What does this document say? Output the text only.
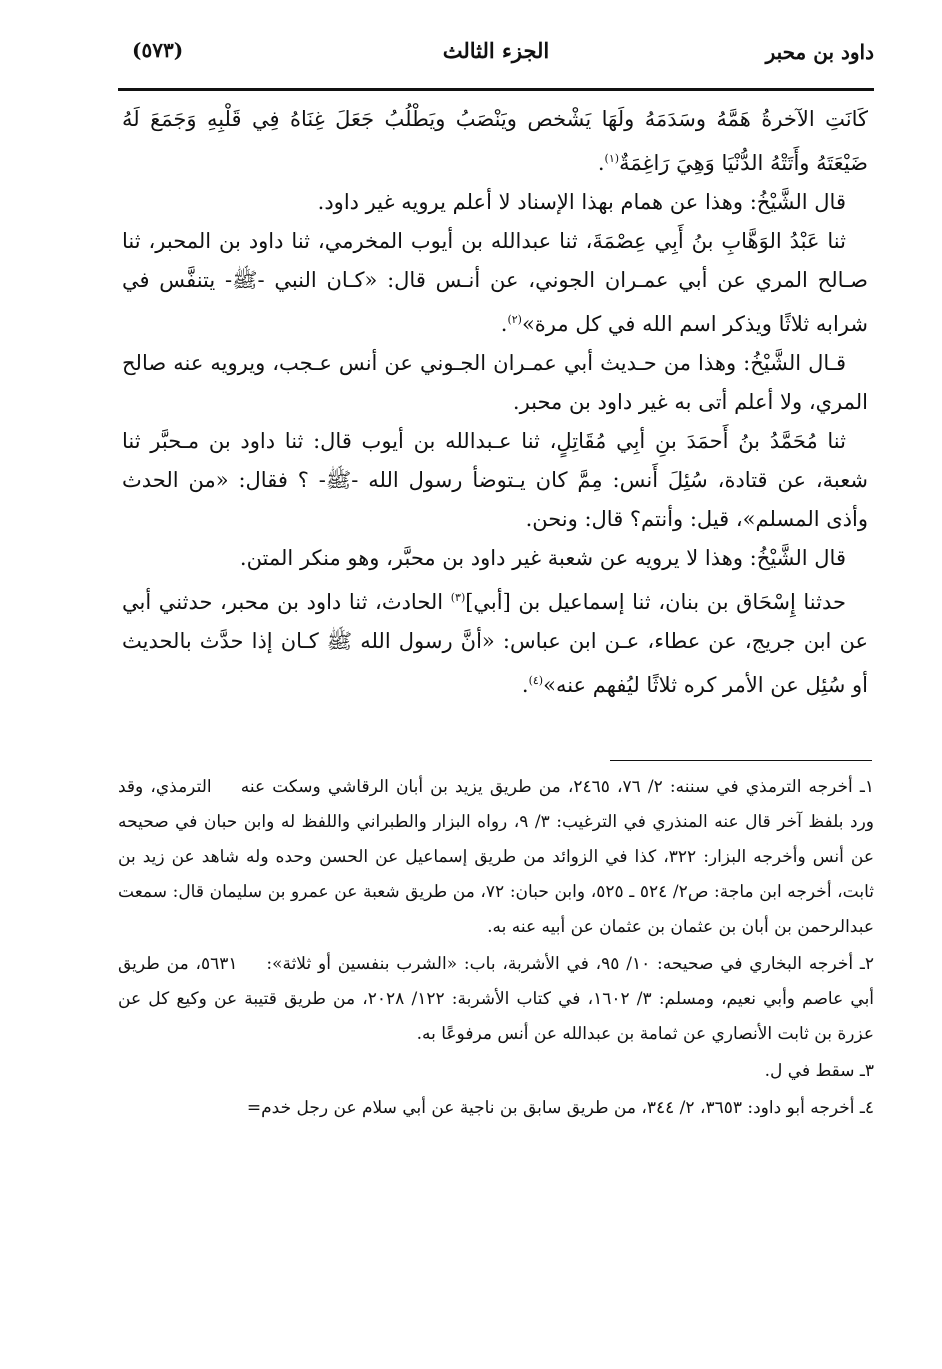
داود بن محبر
الجزء الثالث
(٥٧٣)

كَانَتِ الآخرةُ هَمَّهُ وسَدَمَهُ ولَهَا يَشْخص ويَنْصَبُ ويَطْلُبُ جَعَلَ غِنَاهُ فِي قَلْبِهِ وَجَمَعَ لَهُ ضَيْعَتَهُ وأَتَتْهُ الدُّنْيَا وَهِيَ رَاغِمَةٌ$^{(١)}$.

قال الشَّيْخُ: وهذا عن همام بهذا الإسناد لا أعلم يرويه غير داود.

ثنا عَبْدُ الوَهَّابِ بنُ أَبِي عِصْمَةَ، ثنا عبدالله بن أيوب المخرمي، ثنا داود بن المحبر، ثنا صـالح المري عن أبي عمـران الجوني، عن أنـس قال: «كـان النبي -ﷺ- يتنفَّس في شرابه ثلاثًا ويذكر اسم الله في كل مرة»$^{(٢)}$.

قـال الشَّيْخُ: وهذا من حـديث أبي عمـران الجـوني عن أنس عـجب، ويرويه عنه صالح المري، ولا أعلم أتى به غير داود بن محبر.

ثنا مُحَمَّدُ بنُ أَحمَدَ بنِ أبِي مُقَاتِلٍ، ثنا عـبدالله بن أيوب قال: ثنا داود بن مـحبَّر ثنا شعبة، عن قتادة، سُئِلَ أَنس: مِمَّ كان يـتوضأ رسول الله -ﷺ- ؟ فقال: «من الحدث وأذى المسلم»، قيل: وأنتم؟ قال: ونحن.

قال الشَّيْخُ: وهذا لا يرويه عن شعبة غير داود بن محبَّر، وهو منكر المتن.

حدثنا إِسْحَاق بن بنان، ثنا إسماعيل بن [أبي]$^{(٣)}$ الحادث، ثنا داود بن محبر، حدثني أبي عن ابن جريج، عن عطاء، عـن ابن عباس: «أنَّ رسول الله ﷺ كـان إذا حدَّث بالحديث أو سُئِل عن الأمر كره ثلاثًا ليُفهم عنه»$^{(٤)}$.

١ـ أخرجه الترمذي في سننه: ٢/ ٧٦، ٢٤٦٥، من طريق يزيد بن أبان الرقاشي وسكت عنه الترمذي، وقد ورد بلفظ آخر قال عنه المنذري في الترغيب: ٣/ ٩، رواه البزار والطبراني واللفظ له وابن حبان في صحيحه عن أنس وأخرجه البزار: ٣٢٢، كذا في الزوائد من طريق إسماعيل عن الحسن وحده وله شاهد عن زيد بن ثابت، أخرجه ابن ماجة: ص٢/ ٥٢٤ ـ ٥٢٥، وابن حبان: ٧٢، من طريق شعبة عن عمرو بن سليمان قال: سمعت عبدالرحمن بن أبان بن عثمان بن عثمان عن أبيه عنه به.

٢ـ أخرجه البخاري في صحيحه: ١٠/ ٩٥، في الأشربة، باب: «الشرب بنفسين أو ثلاثة»: ٥٦٣١، من طريق أبي عاصم وأبي نعيم، ومسلم: ٣/ ١٦٠٢، في كتاب الأشربة: ١٢٢/ ٢٠٢٨، من طريق قتيبة عن وكيع كل عن عزرة بن ثابت الأنصاري عن ثمامة بن عبدالله عن أنس مرفوعًا به.

٣ـ سقط في ل.

٤ـ أخرجه أبو داود: ٣٦٥٣، ٢/ ٣٤٤، من طريق سابق بن ناجية عن أبي سلام عن رجل خدم=
